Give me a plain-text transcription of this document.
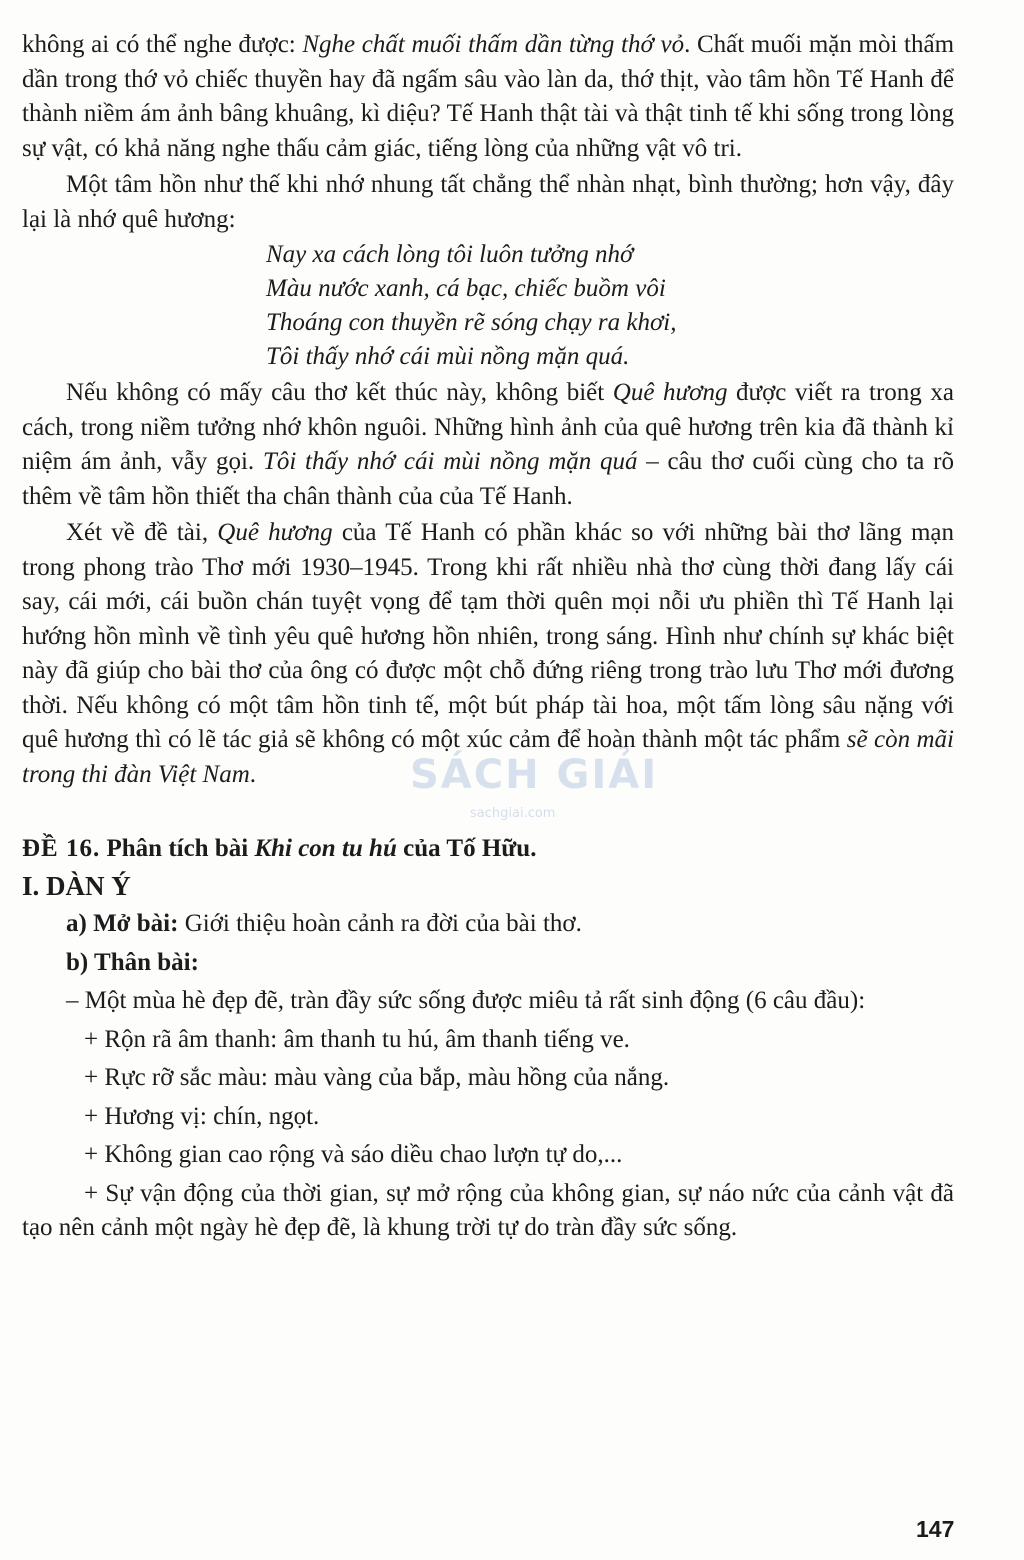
không ai có thể nghe được: Nghe chất muối thấm dần từng thớ vỏ. Chất muối mặn mòi thấm dần trong thớ vỏ chiếc thuyền hay đã ngấm sâu vào làn da, thớ thịt, vào tâm hồn Tế Hanh để thành niềm ám ảnh bâng khuâng, kì diệu? Tế Hanh thật tài và thật tinh tế khi sống trong lòng sự vật, có khả năng nghe thấu cảm giác, tiếng lòng của những vật vô tri.

Một tâm hồn như thế khi nhớ nhung tất chẳng thể nhàn nhạt, bình thường; hơn vậy, đây lại là nhớ quê hương:

Nay xa cách lòng tôi luôn tưởng nhớ
Màu nước xanh, cá bạc, chiếc buồm vôi
Thoáng con thuyền rẽ sóng chạy ra khơi,
Tôi thấy nhớ cái mùi nồng mặn quá.

Nếu không có mấy câu thơ kết thúc này, không biết Quê hương được viết ra trong xa cách, trong niềm tưởng nhớ khôn nguôi. Những hình ảnh của quê hương trên kia đã thành kỉ niệm ám ảnh, vẫy gọi. Tôi thấy nhớ cái mùi nồng mặn quá – câu thơ cuối cùng cho ta rõ thêm về tâm hồn thiết tha chân thành của của Tế Hanh.

Xét về đề tài, Quê hương của Tế Hanh có phần khác so với những bài thơ lãng mạn trong phong trào Thơ mới 1930–1945. Trong khi rất nhiều nhà thơ cùng thời đang lấy cái say, cái mới, cái buồn chán tuyệt vọng để tạm thời quên mọi nỗi ưu phiền thì Tế Hanh lại hướng hồn mình về tình yêu quê hương hồn nhiên, trong sáng. Hình như chính sự khác biệt này đã giúp cho bài thơ của ông có được một chỗ đứng riêng trong trào lưu Thơ mới đương thời. Nếu không có một tâm hồn tinh tế, một bút pháp tài hoa, một tấm lòng sâu nặng với quê hương thì có lẽ tác giả sẽ không có một xúc cảm để hoàn thành một tác phẩm sẽ còn mãi trong thi đàn Việt Nam.

ĐỀ 16. Phân tích bài Khi con tu hú của Tố Hữu.

I. DÀN Ý

a) Mở bài: Giới thiệu hoàn cảnh ra đời của bài thơ.

b) Thân bài:

– Một mùa hè đẹp đẽ, tràn đầy sức sống được miêu tả rất sinh động (6 câu đầu):

+ Rộn rã âm thanh: âm thanh tu hú, âm thanh tiếng ve.

+ Rực rỡ sắc màu: màu vàng của bắp, màu hồng của nắng.

+ Hương vị: chín, ngọt.

+ Không gian cao rộng và sáo diều chao lượn tự do,...

+ Sự vận động của thời gian, sự mở rộng của không gian, sự náo nức của cảnh vật đã tạo nên cảnh một ngày hè đẹp đẽ, là khung trời tự do tràn đầy sức sống.

SÁCH GIẢI
sachgiai.com
147
